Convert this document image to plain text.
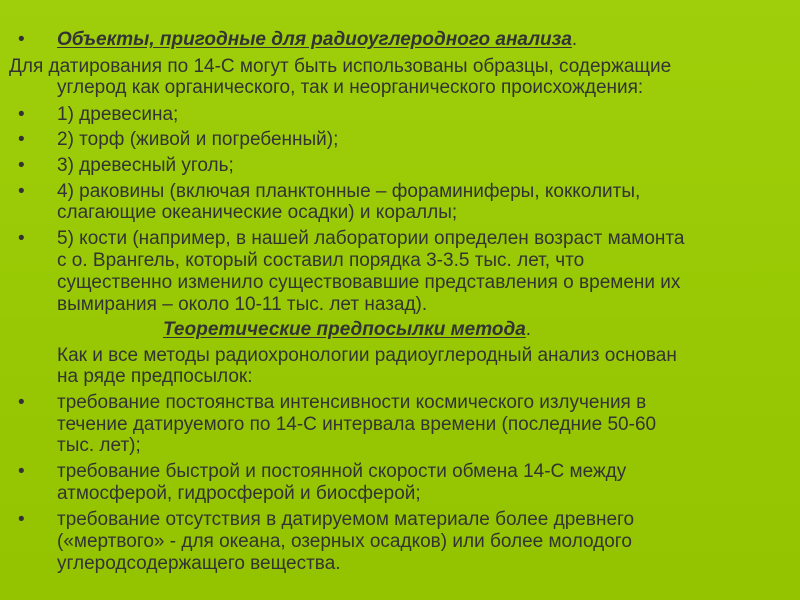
• Объекты, пригодные для радиоуглеродного анализа.
Для датирования по 14-С могут быть использованы образцы, содержащие
углерод как органического, так и неорганического происхождения:
• 1) древесина;
• 2) торф (живой и погребенный);
• 3) древесный уголь;
• 4) раковины (включая планктонные – фораминиферы, кокколиты,
слагающие океанические осадки) и кораллы;
• 5) кости (например, в нашей лаборатории определен возраст мамонта
с о. Врангель, который составил порядка 3-3.5 тыс. лет, что
существенно изменило существовавшие представления о времени их
вымирания – около 10-11 тыс. лет назад).
Теоретические предпосылки метода.
Как и все методы радиохронологии радиоуглеродный анализ основан
на ряде предпосылок:
• требование постоянства интенсивности космического излучения в
течение датируемого по 14-С интервала времени (последние 50-60
тыс. лет);
• требование быстрой и постоянной скорости обмена 14-С между
атмосферой, гидросферой и биосферой;
• требование отсутствия в датируемом материале более древнего
(«мертвого» - для океана, озерных осадков) или более молодого
углеродсодержащего вещества.
